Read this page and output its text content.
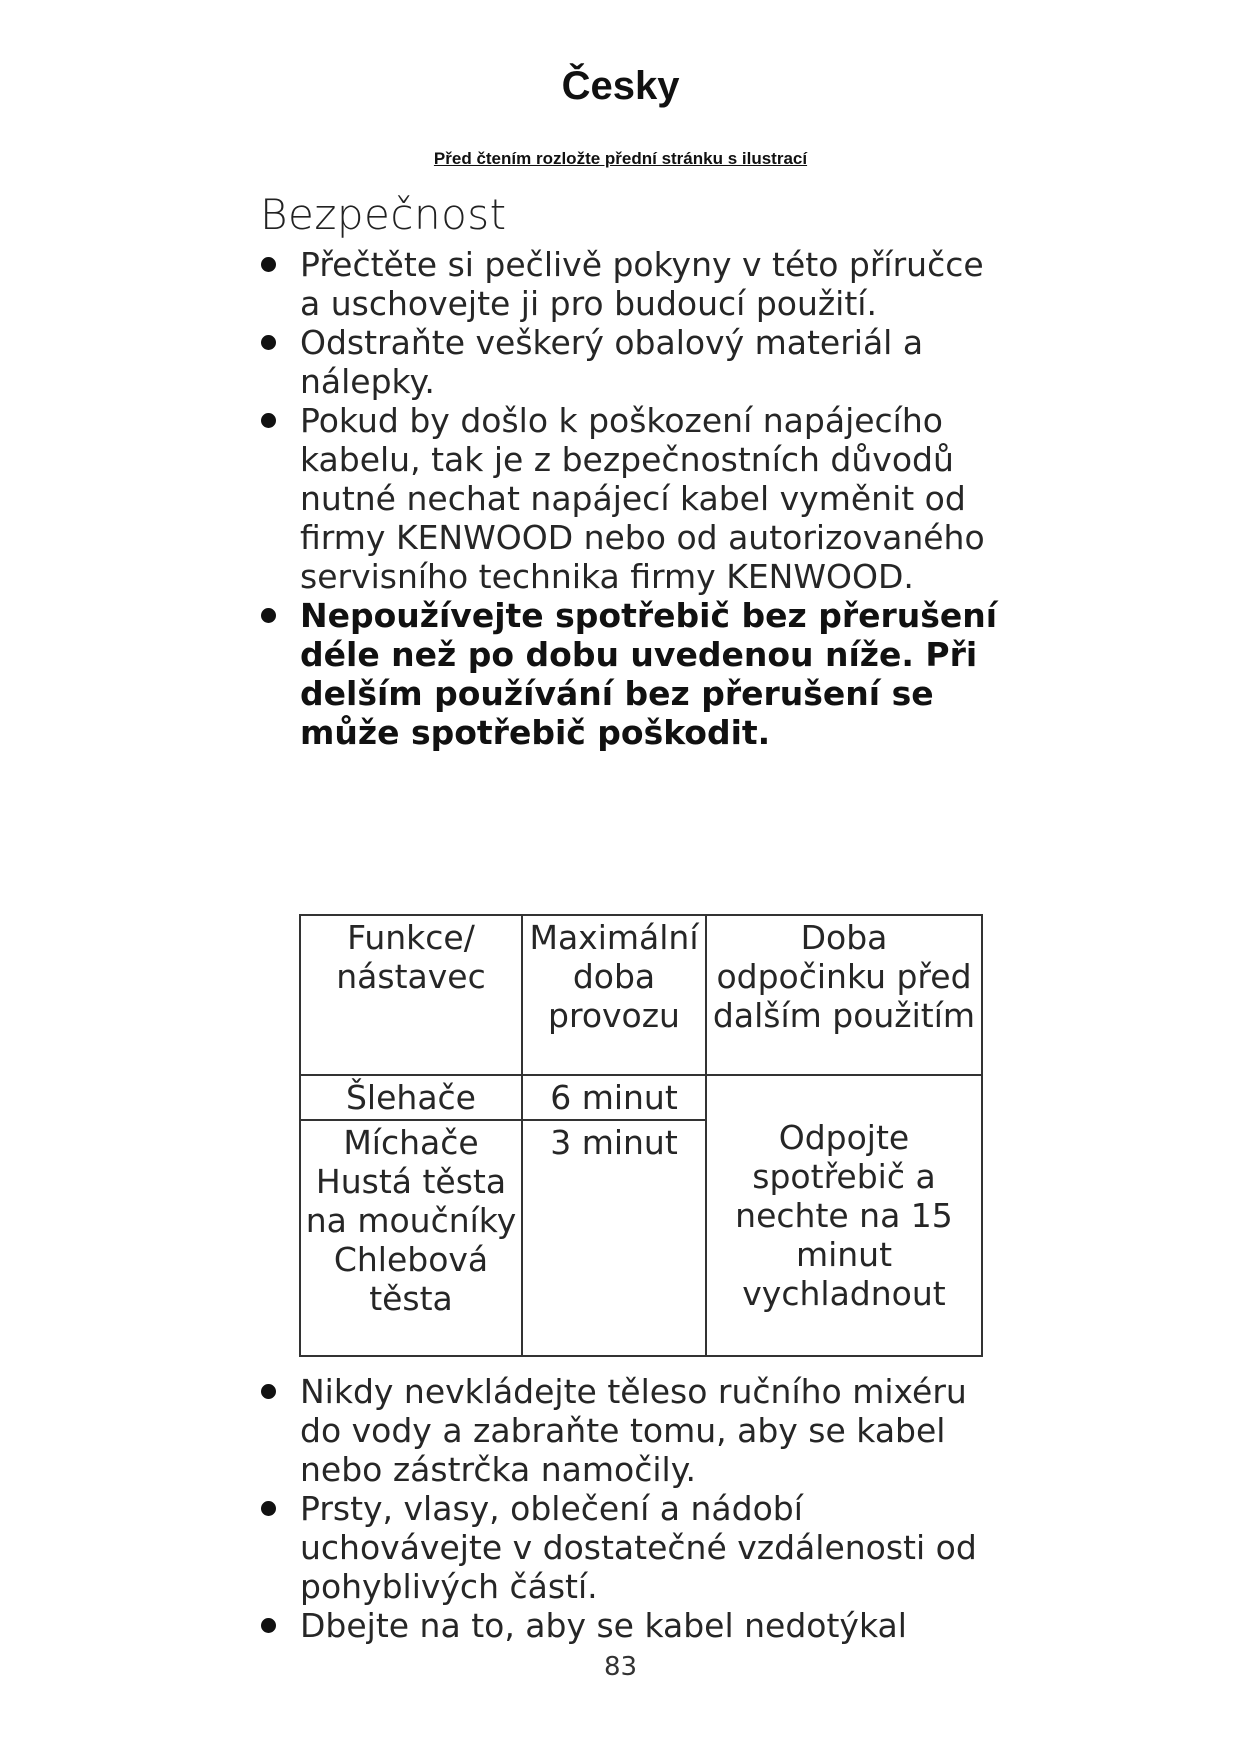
Česky
Před čtením rozložte přední stránku s ilustrací
Bezpečnost

Přečtěte si pečlivě pokyny v této příručce a uschovejte ji pro budoucí použití.

Odstraňte veškerý obalový materiál a nálepky.

Pokud by došlo k poškození napájecího kabelu, tak je z bezpečnostních důvodů nutné nechat napájecí kabel vyměnit od firmy KENWOOD nebo od autorizovaného servisního technika firmy KENWOOD.

Nepoužívejte spotřebič bez přerušení déle než po dobu uvedenou níže. Při delším používání bez přerušení se může spotřebič poškodit.

Funkce/ nástavec	Maximální doba provozu	Doba odpočinku před dalším použitím
Šlehače	6 minut	Odpojte spotřebič a nechte na 15 minut vychladnout
Míchače Hustá těsta na moučníky Chlebová těsta	3 minut	

Nikdy nevkládejte těleso ručního mixéru do vody a zabraňte tomu, aby se kabel nebo zástrčka namočily.

Prsty, vlasy, oblečení a nádobí uchovávejte v dostatečné vzdálenosti od pohyblivých částí.

Dbejte na to, aby se kabel nedotýkal

83
